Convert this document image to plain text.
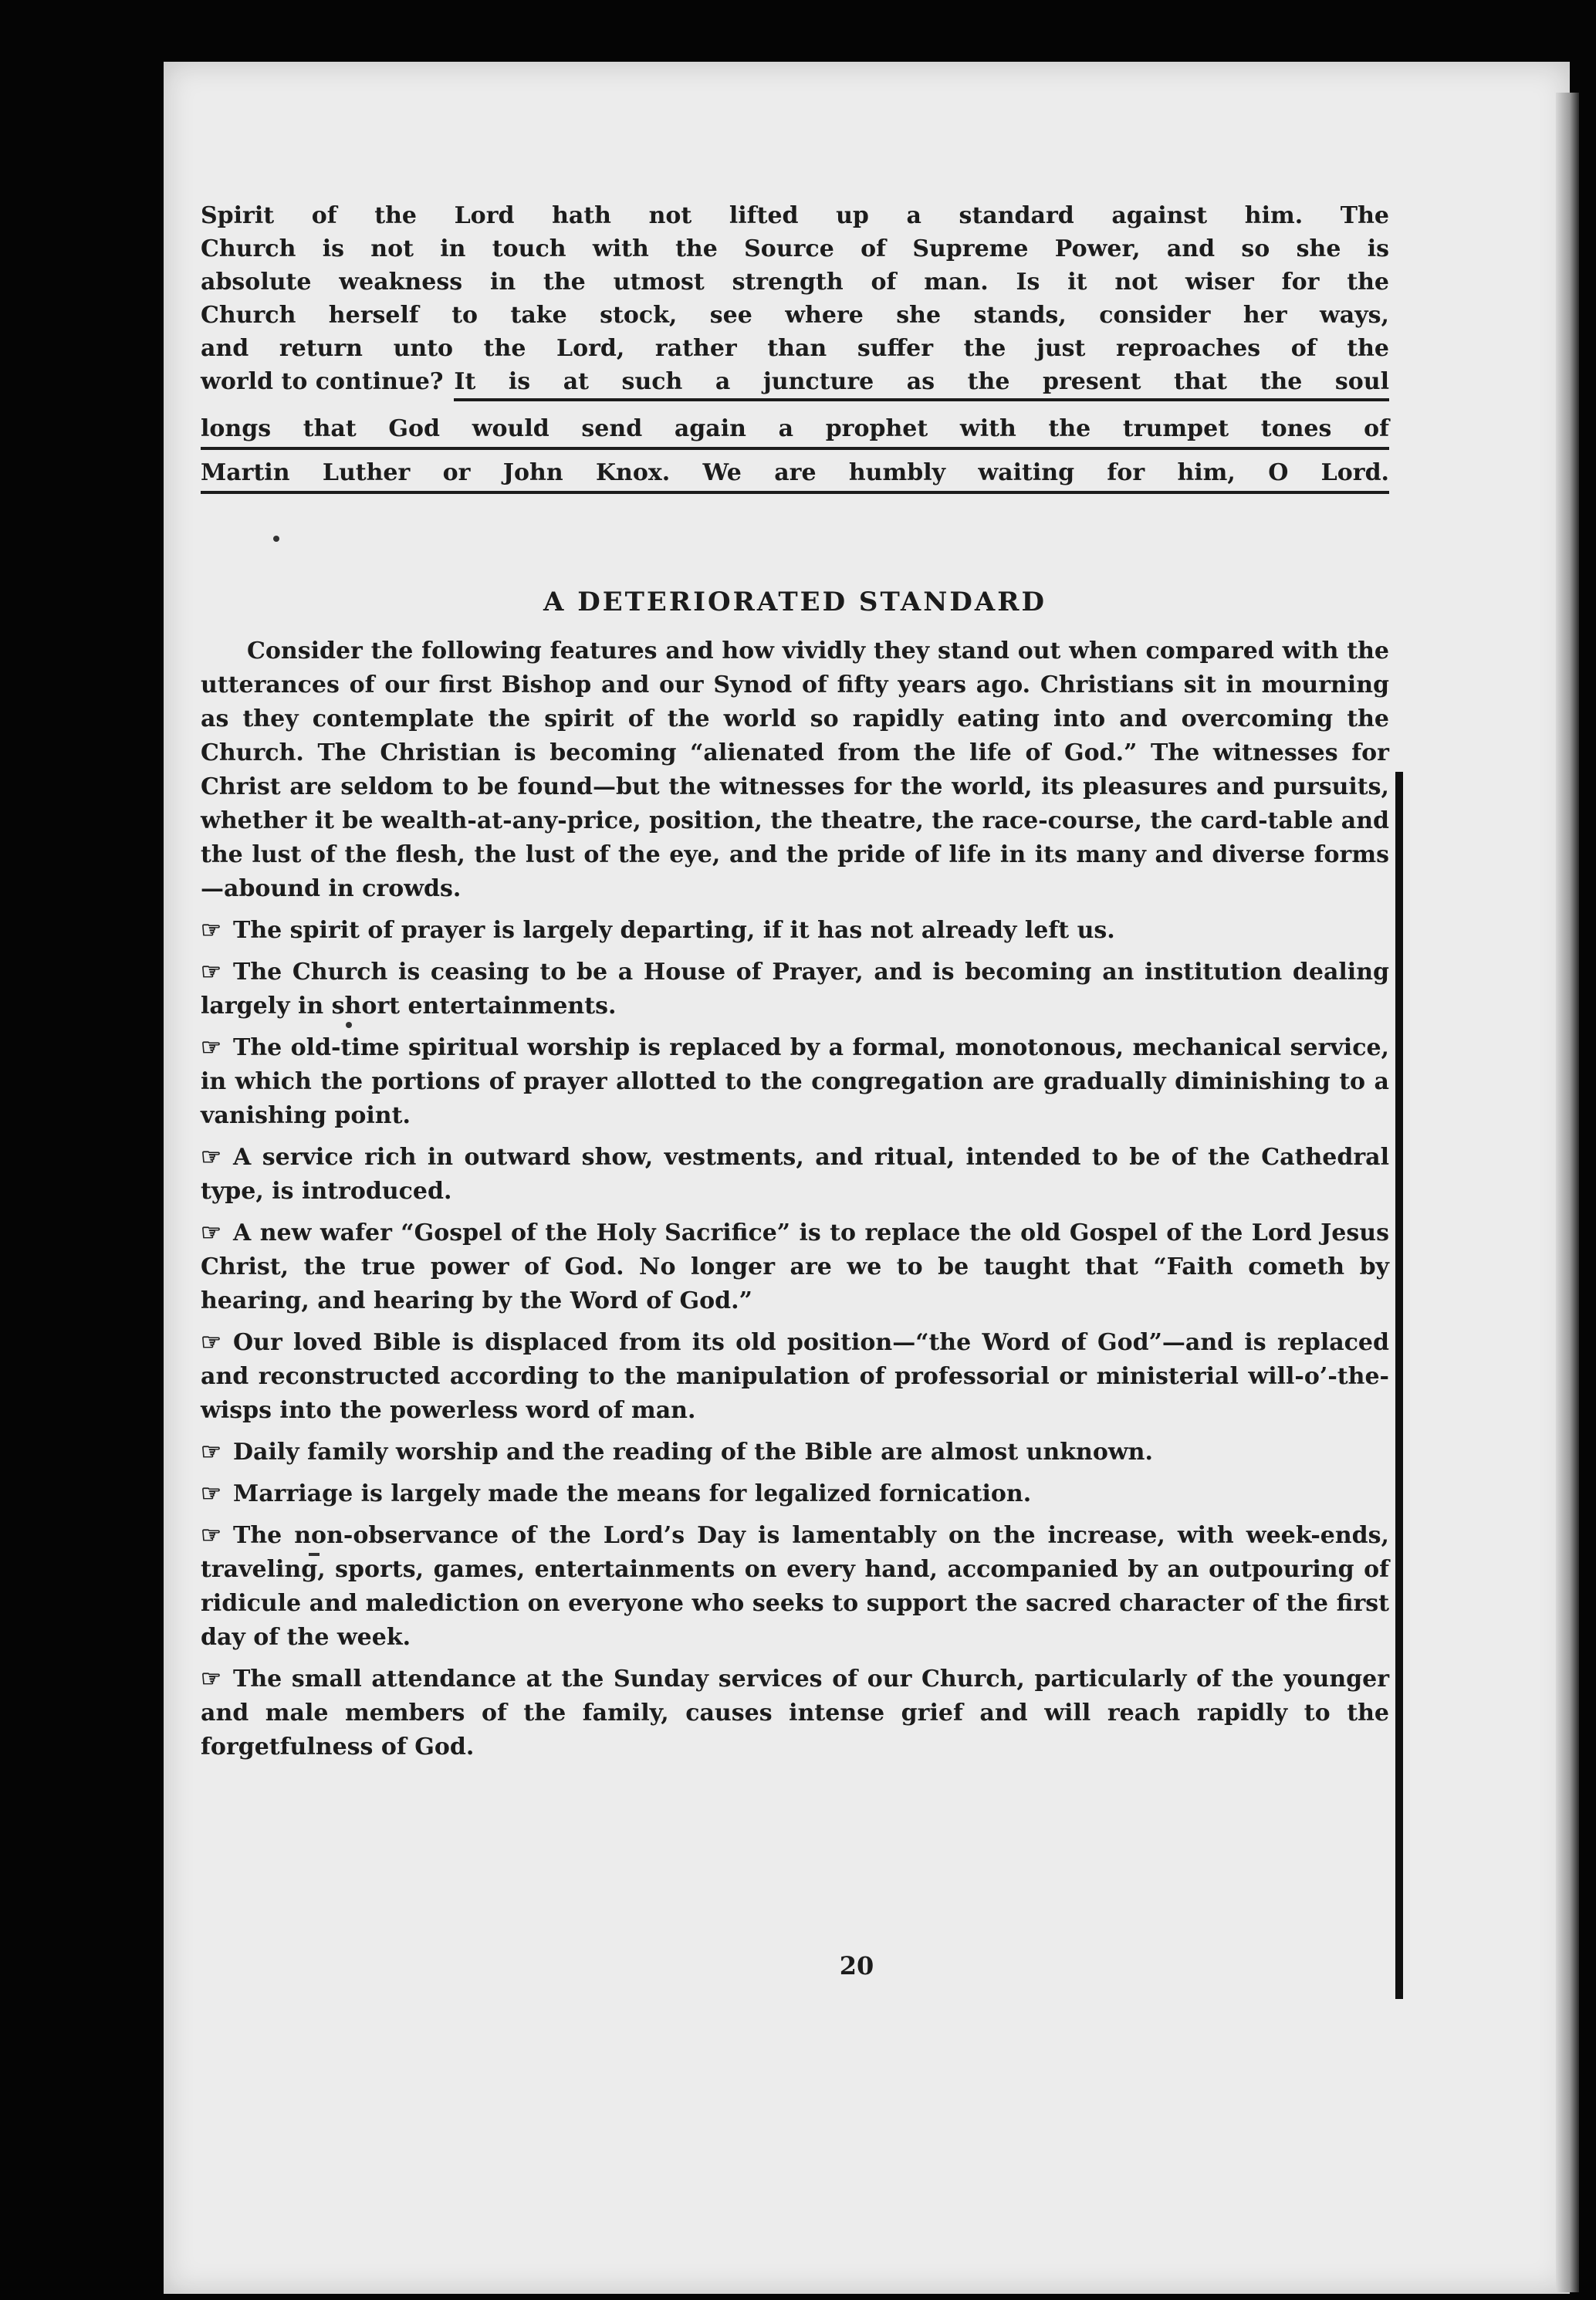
Spirit of the Lord hath not lifted up a standard against him. The

Church is not in touch with the Source of Supreme Power, and so she is

absolute weakness in the utmost strength of man. Is it not wiser for the

Church herself to take stock, see where she stands, consider her ways,

and return unto the Lord, rather than suffer the just reproaches of the

world to continue? It is at such a juncture as the present that the soul

longs that God would send again a prophet with the trumpet tones of
Martin Luther or John Knox. We are humbly waiting for him, O Lord.
A DETERIORATED STANDARD

Consider the following features and how vividly they stand out when compared with the utterances of our first Bishop and our Synod of fifty years ago. Christians sit in mourning as they contemplate the spirit of the world so rapidly eating into and overcoming the Church. The Christian is becoming “alienated from the life of God.” The witnesses for Christ are seldom to be found—but the witnesses for the world, its pleasures and pursuits, whether it be wealth-at-any-price, position, the theatre, the race-course, the card-table and the lust of the flesh, the lust of the eye, and the pride of life in its many and diverse forms—abound in crowds.

☞ The spirit of prayer is largely departing, if it has not already left us.

☞ The Church is ceasing to be a House of Prayer, and is becoming an institution dealing largely in short entertainments.

☞ The old-time spiritual worship is replaced by a formal, monotonous, mechanical service, in which the portions of prayer allotted to the congregation are gradually diminishing to a vanishing point.

☞ A service rich in outward show, vestments, and ritual, intended to be of the Cathedral type, is introduced.

☞ A new wafer “Gospel of the Holy Sacrifice” is to replace the old Gospel of the Lord Jesus Christ, the true power of God. No longer are we to be taught that “Faith cometh by hearing, and hearing by the Word of God.”

☞ Our loved Bible is displaced from its old position—“the Word of God”—and is replaced and reconstructed according to the manipulation of professorial or ministerial will-o’-the-wisps into the powerless word of man.

☞ Daily family worship and the reading of the Bible are almost unknown.

☞ Marriage is largely made the means for legalized fornication.

☞ The non-observance of the Lord’s Day is lamentably on the increase, with week-ends, traveling, sports, games, entertainments on every hand, accompanied by an outpouring of ridicule and malediction on everyone who seeks to support the sacred character of the first day of the week.

☞ The small attendance at the Sunday services of our Church, particularly of the younger and male members of the family, causes intense grief and will reach rapidly to the forgetfulness of God.

20
